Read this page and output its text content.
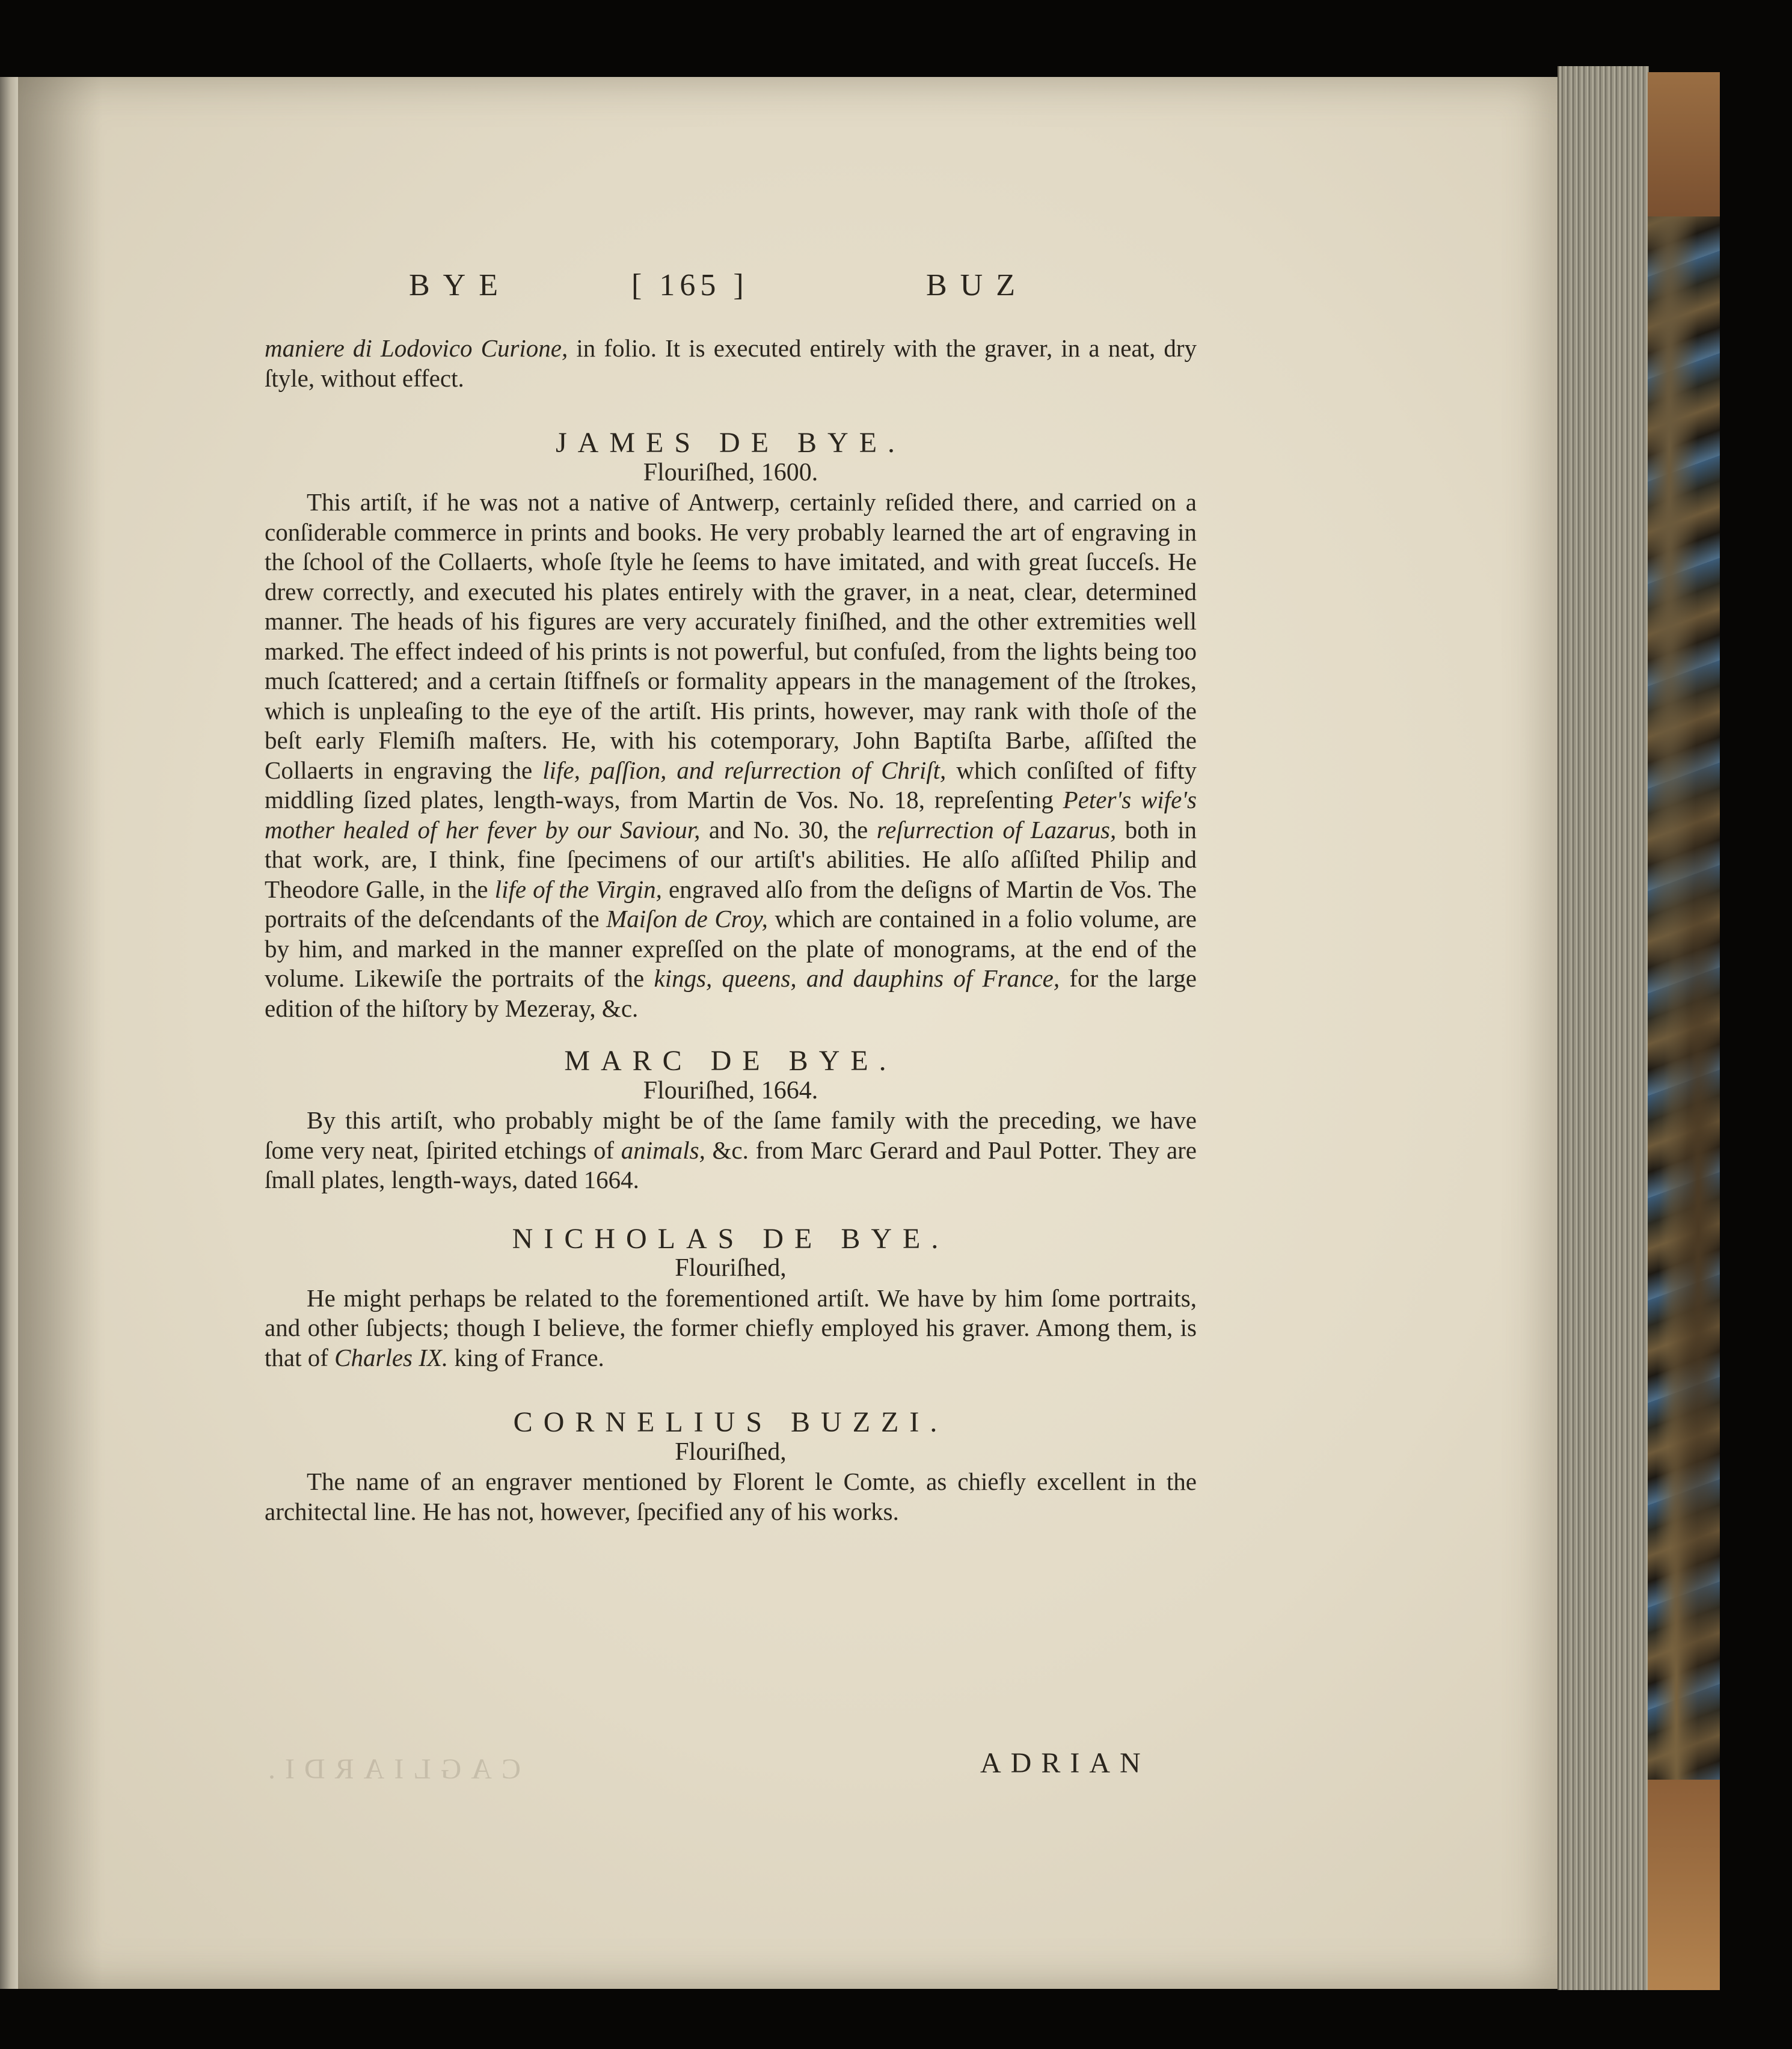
BYE	[ 165 ]	BUZ

maniere di Lodovico Curione, in folio. It is executed entirely with the graver, in a neat, dry ſtyle, without effect.

JAMES DE BYE.
Flouriſhed, 1600.

This artiſt, if he was not a native of Antwerp, certainly reſided there, and carried on a conſiderable commerce in prints and books. He very probably learned the art of engraving in the ſchool of the Collaerts, whoſe ſtyle he ſeems to have imitated, and with great ſucceſs. He drew correctly, and executed his plates entirely with the graver, in a neat, clear, determined manner. The heads of his figures are very accurately finiſhed, and the other extremities well marked. The effect indeed of his prints is not powerful, but confuſed, from the lights being too much ſcattered; and a certain ſtiffneſs or formality appears in the management of the ſtrokes, which is unpleaſing to the eye of the artiſt. His prints, however, may rank with thoſe of the beſt early Flemiſh maſters. He, with his cotemporary, John Baptiſta Barbe, aſſiſted the Collaerts in engraving the life, paſſion, and reſurrection of Chriſt, which conſiſted of fifty middling ſized plates, length-ways, from Martin de Vos. No. 18, repreſenting Peter's wife's mother healed of her fever by our Saviour, and No. 30, the reſurrection of Lazarus, both in that work, are, I think, fine ſpecimens of our artiſt's abilities. He alſo aſſiſted Philip and Theodore Galle, in the life of the Virgin, engraved alſo from the deſigns of Martin de Vos. The portraits of the deſcendants of the Maiſon de Croy, which are contained in a folio volume, are by him, and marked in the manner expreſſed on the plate of monograms, at the end of the volume. Likewiſe the portraits of the kings, queens, and dauphins of France, for the large edition of the hiſtory by Mezeray, &c.

MARC DE BYE.
Flouriſhed, 1664.

By this artiſt, who probably might be of the ſame family with the preceding, we have ſome very neat, ſpirited etchings of animals, &c. from Marc Gerard and Paul Potter. They are ſmall plates, length-ways, dated 1664.

NICHOLAS DE BYE.
Flouriſhed,

He might perhaps be related to the forementioned artiſt. We have by him ſome portraits, and other ſubjects; though I believe, the former chiefly employed his graver. Among them, is that of Charles IX. king of France.

CORNELIUS BUZZI.
Flouriſhed,

The name of an engraver mentioned by Florent le Comte, as chiefly excellent in the architectal line. He has not, however, ſpecified any of his works.

CAGLIARDI.	ADRIAN
